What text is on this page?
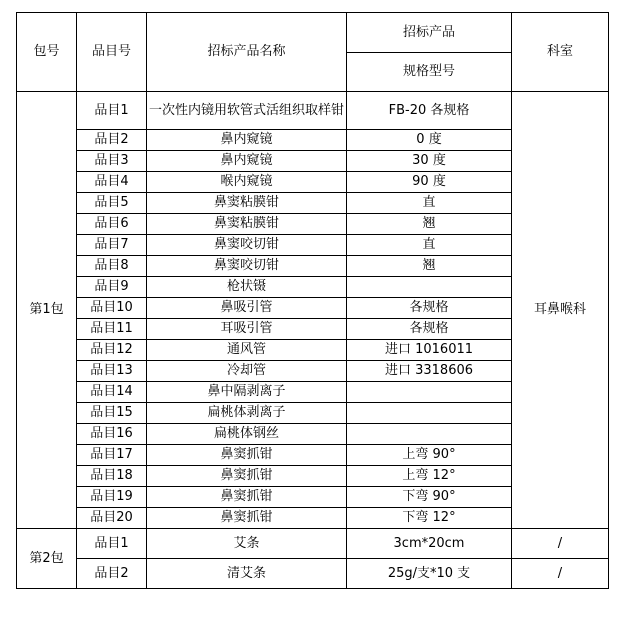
包号	品目号	招标产品名称	招标产品	科室
			规格型号	
第1包	品目1	一次性内镜用软管式活组织取样钳	FB-20 各规格	耳鼻喉科
	品目2	鼻内窥镜	0 度	
	品目3	鼻内窥镜	30 度	
	品目4	喉内窥镜	90 度	
	品目5	鼻窦粘膜钳	直	
	品目6	鼻窦粘膜钳	翘	
	品目7	鼻窦咬切钳	直	
	品目8	鼻窦咬切钳	翘	
	品目9	枪状镊		
	品目10	鼻吸引管	各规格	
	品目11	耳吸引管	各规格	
	品目12	通风管	进口 1016011	
	品目13	冷却管	进口 3318606	
	品目14	鼻中隔剥离子		
	品目15	扁桃体剥离子		
	品目16	扁桃体钢丝		
	品目17	鼻窦抓钳	上弯 90°	
	品目18	鼻窦抓钳	上弯 12°	
	品目19	鼻窦抓钳	下弯 90°	
	品目20	鼻窦抓钳	下弯 12°	
第2包	品目1	艾条	3cm*20cm	/
	品目2	清艾条	25g/支*10 支	/
